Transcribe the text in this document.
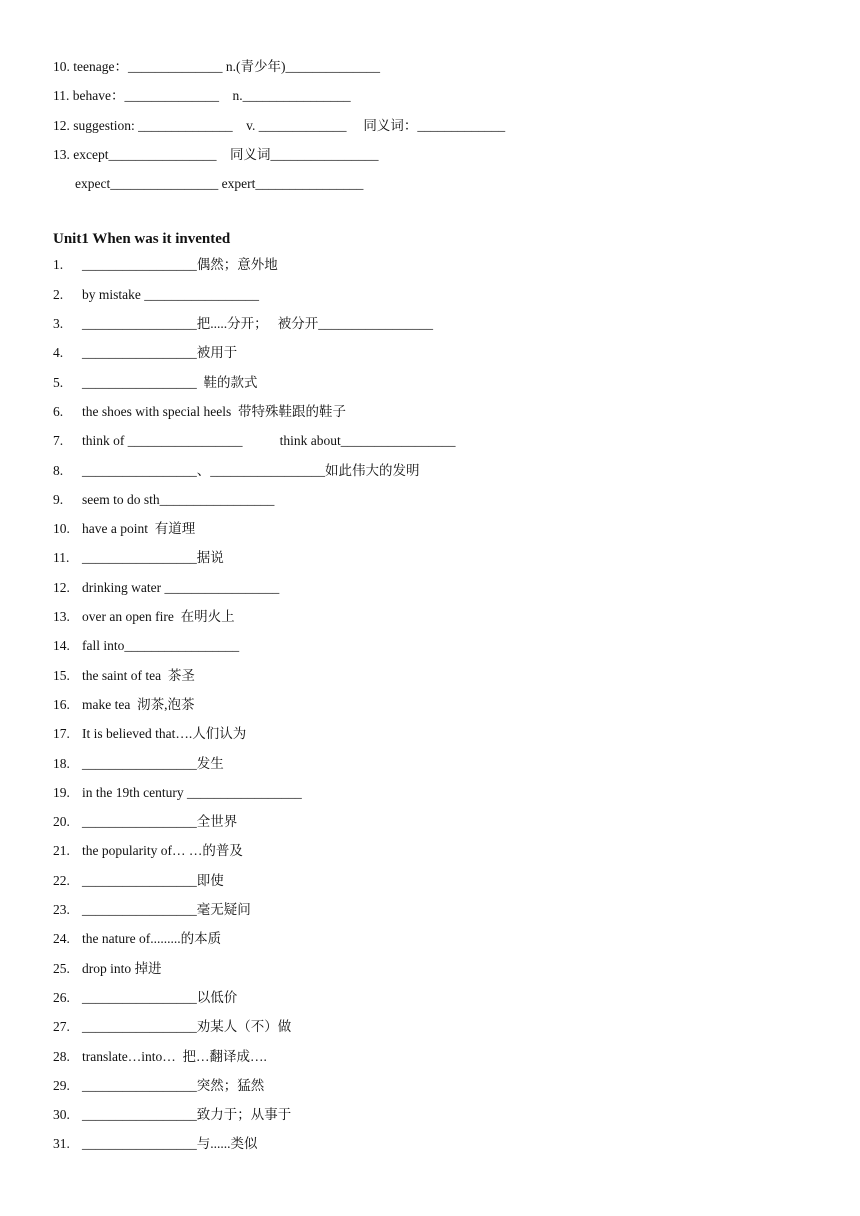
10. teenage：______________ n.(青少年)______________
11. behave：______________    n.________________
12. suggestion: ______________    v. _____________     同义词：_____________
13. except________________    同义词________________
expect________________ expert________________
Unit1 When was it invented
1. _________________偶然；意外地
2. by mistake _________________
3. _________________把.....分开；   被分开_________________
4. _________________被用于
5. _________________  鞋的款式
6. the shoes with special heels  带特殊鞋跟的鞋子
7. think of _________________           think about_________________
8. _________________、_________________如此伟大的发明
9. seem to do sth_________________
10. have a point  有道理
11. _________________据说
12. drinking water _________________
13. over an open fire  在明火上
14. fall into_________________
15. the saint of tea  茶圣
16. make tea  沏茶,泡茶
17. It is believed that….人们认为
18. _________________发生
19. in the 19th century _________________
20. _________________全世界
21. the popularity of… …的普及
22. _________________即使
23. _________________毫无疑问
24. the nature of.........的本质
25. drop into 掉进
26. _________________以低价
27. _________________劝某人（不）做
28. translate…into…  把…翻译成….
29. _________________突然；猛然
30. _________________致力于；从事于
31. _________________与......类似
